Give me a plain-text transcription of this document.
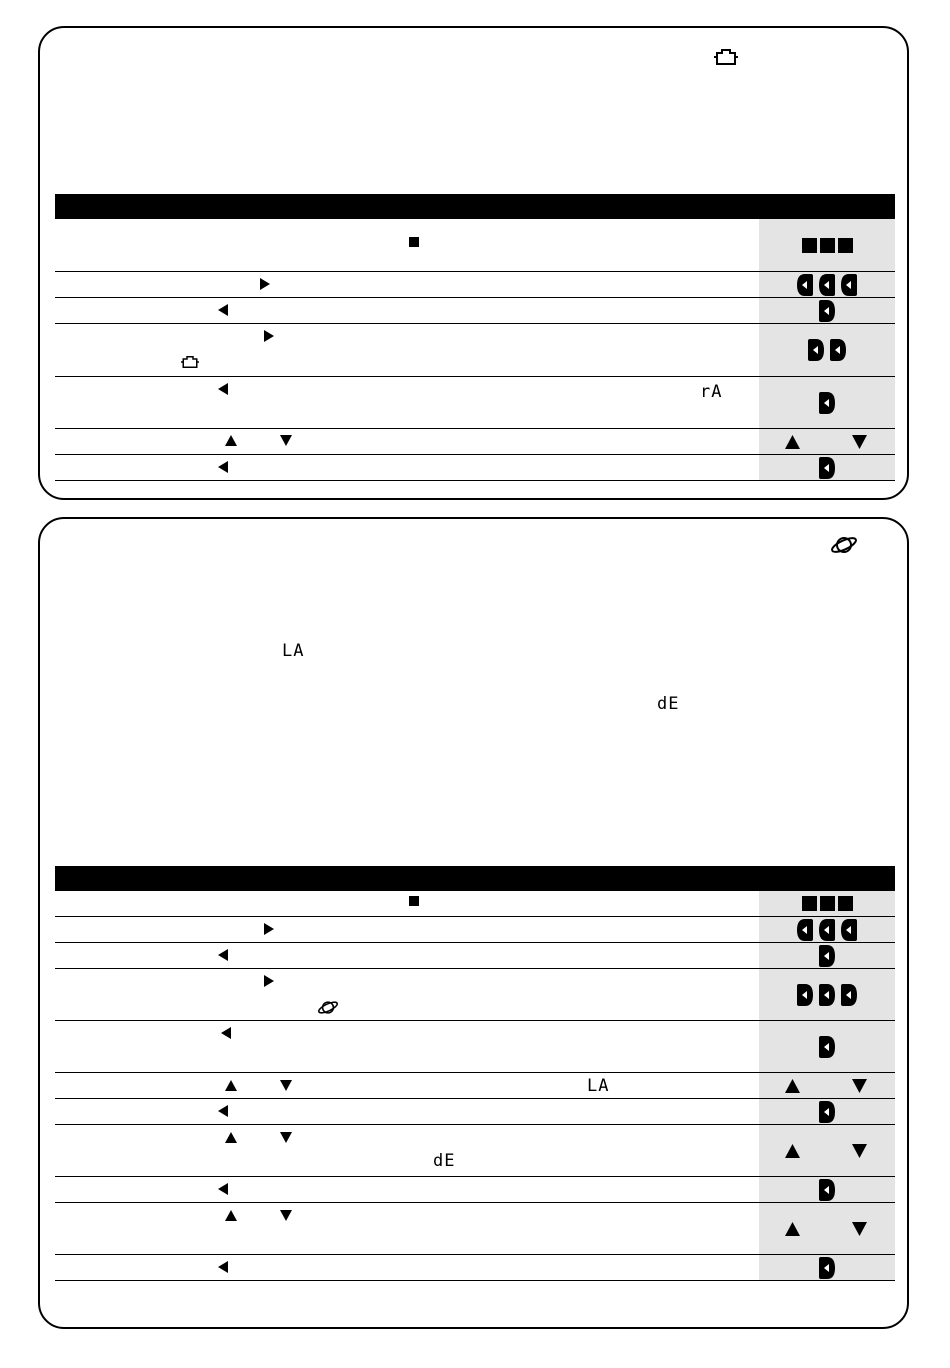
rA
LA
dE
LA
dE
